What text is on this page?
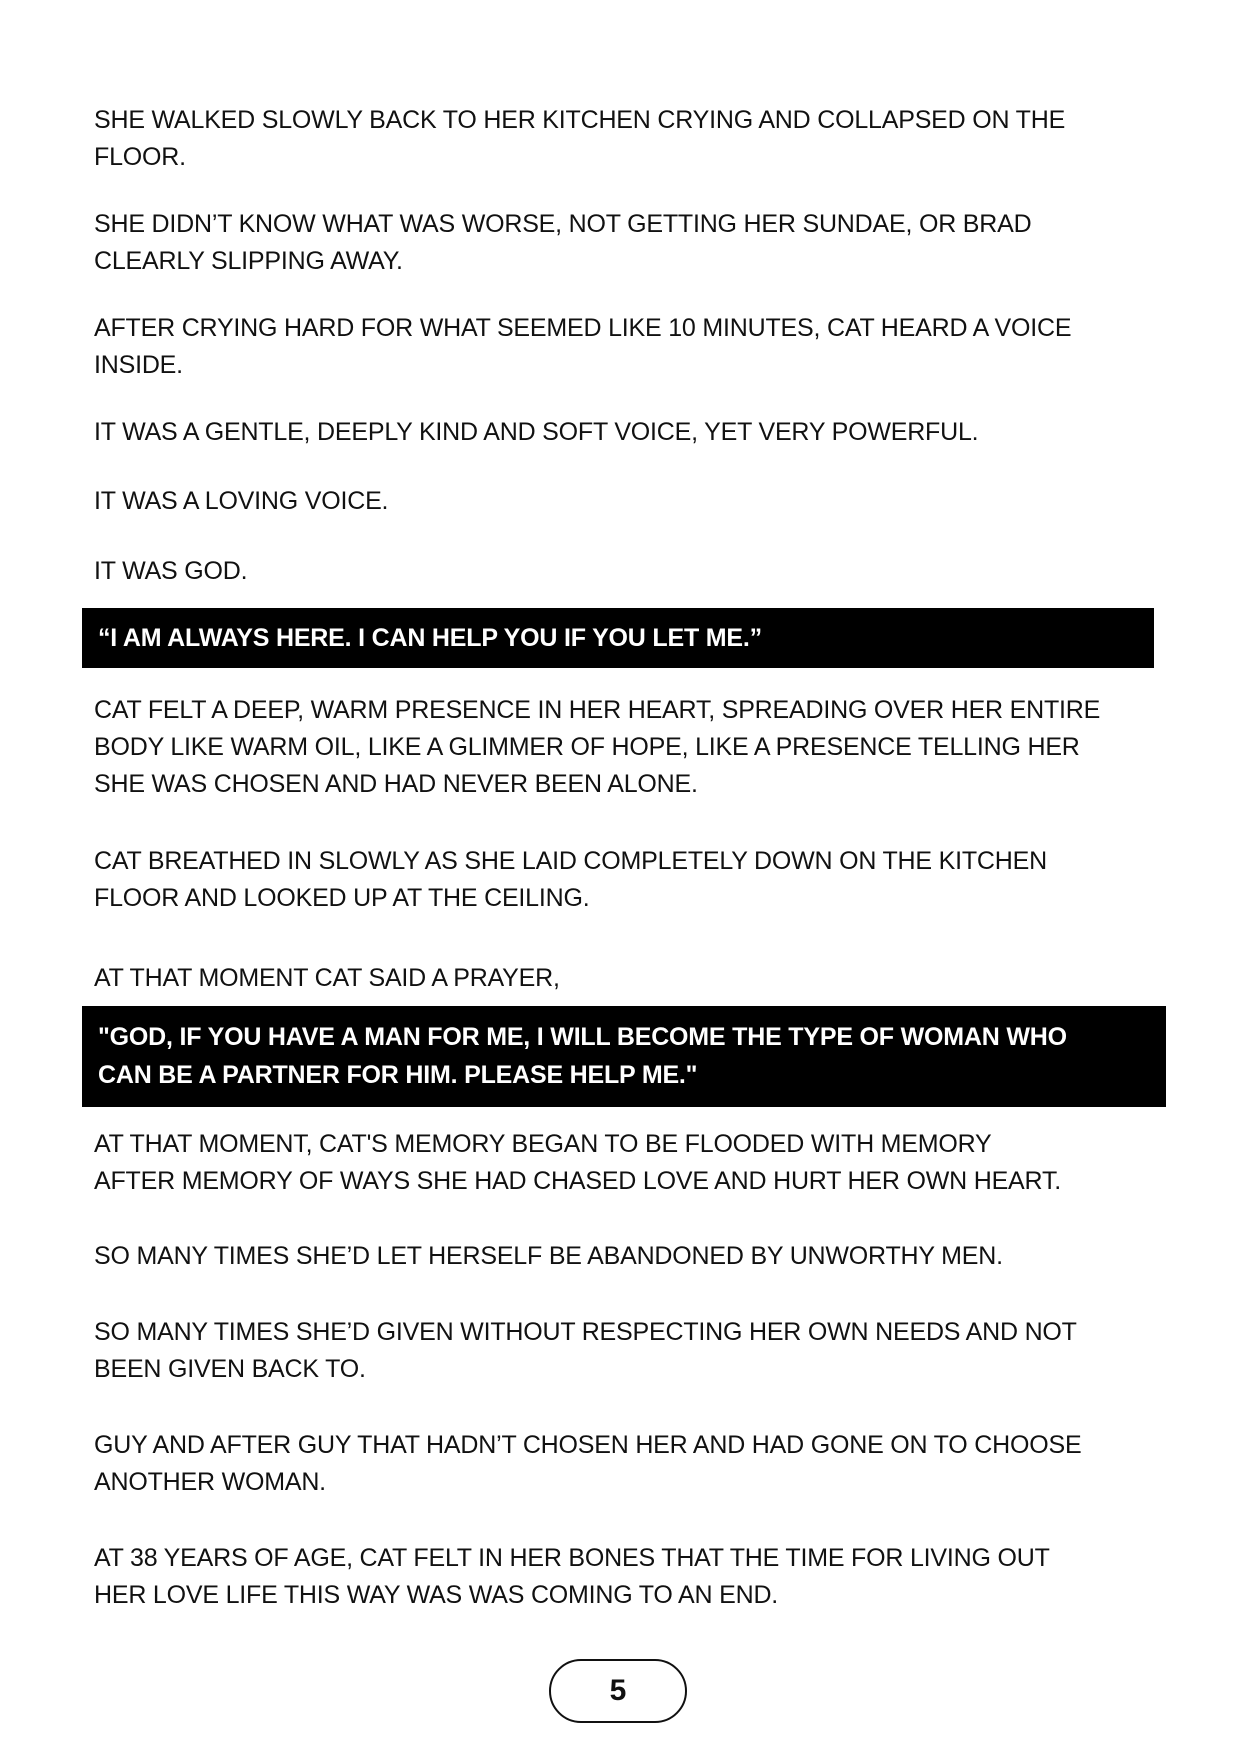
SHE WALKED SLOWLY BACK TO HER KITCHEN CRYING AND COLLAPSED ON THE
FLOOR.

SHE DIDN’T KNOW WHAT WAS WORSE, NOT GETTING HER SUNDAE, OR BRAD
CLEARLY SLIPPING AWAY.

AFTER CRYING HARD FOR WHAT SEEMED LIKE 10 MINUTES, CAT HEARD A VOICE
INSIDE.

IT WAS A GENTLE, DEEPLY KIND AND SOFT VOICE, YET VERY POWERFUL.

IT WAS A LOVING VOICE.

IT WAS GOD.

“I AM ALWAYS HERE. I CAN HELP YOU IF YOU LET ME.”

CAT FELT A DEEP, WARM PRESENCE IN HER HEART, SPREADING OVER HER ENTIRE
BODY LIKE WARM OIL, LIKE A GLIMMER OF HOPE, LIKE A PRESENCE TELLING HER
SHE WAS CHOSEN AND HAD NEVER BEEN ALONE.

CAT BREATHED IN SLOWLY AS SHE LAID COMPLETELY DOWN ON THE KITCHEN
FLOOR AND LOOKED UP AT THE CEILING.

AT THAT MOMENT CAT SAID A PRAYER,

"GOD, IF YOU HAVE A MAN FOR ME, I WILL BECOME THE TYPE OF WOMAN WHO
CAN BE A PARTNER FOR HIM. PLEASE HELP ME."

AT THAT MOMENT, CAT'S MEMORY BEGAN TO BE FLOODED WITH MEMORY
AFTER MEMORY OF WAYS SHE HAD CHASED LOVE AND HURT HER OWN HEART.

SO MANY TIMES SHE’D LET HERSELF BE ABANDONED BY UNWORTHY MEN.

SO MANY TIMES SHE’D GIVEN WITHOUT RESPECTING HER OWN NEEDS AND NOT
BEEN GIVEN BACK TO.

GUY AND AFTER GUY THAT HADN’T CHOSEN HER AND HAD GONE ON TO CHOOSE
ANOTHER WOMAN.

AT 38 YEARS OF AGE, CAT FELT IN HER BONES THAT THE TIME FOR LIVING OUT
HER LOVE LIFE THIS WAY WAS WAS COMING TO AN END.

5
